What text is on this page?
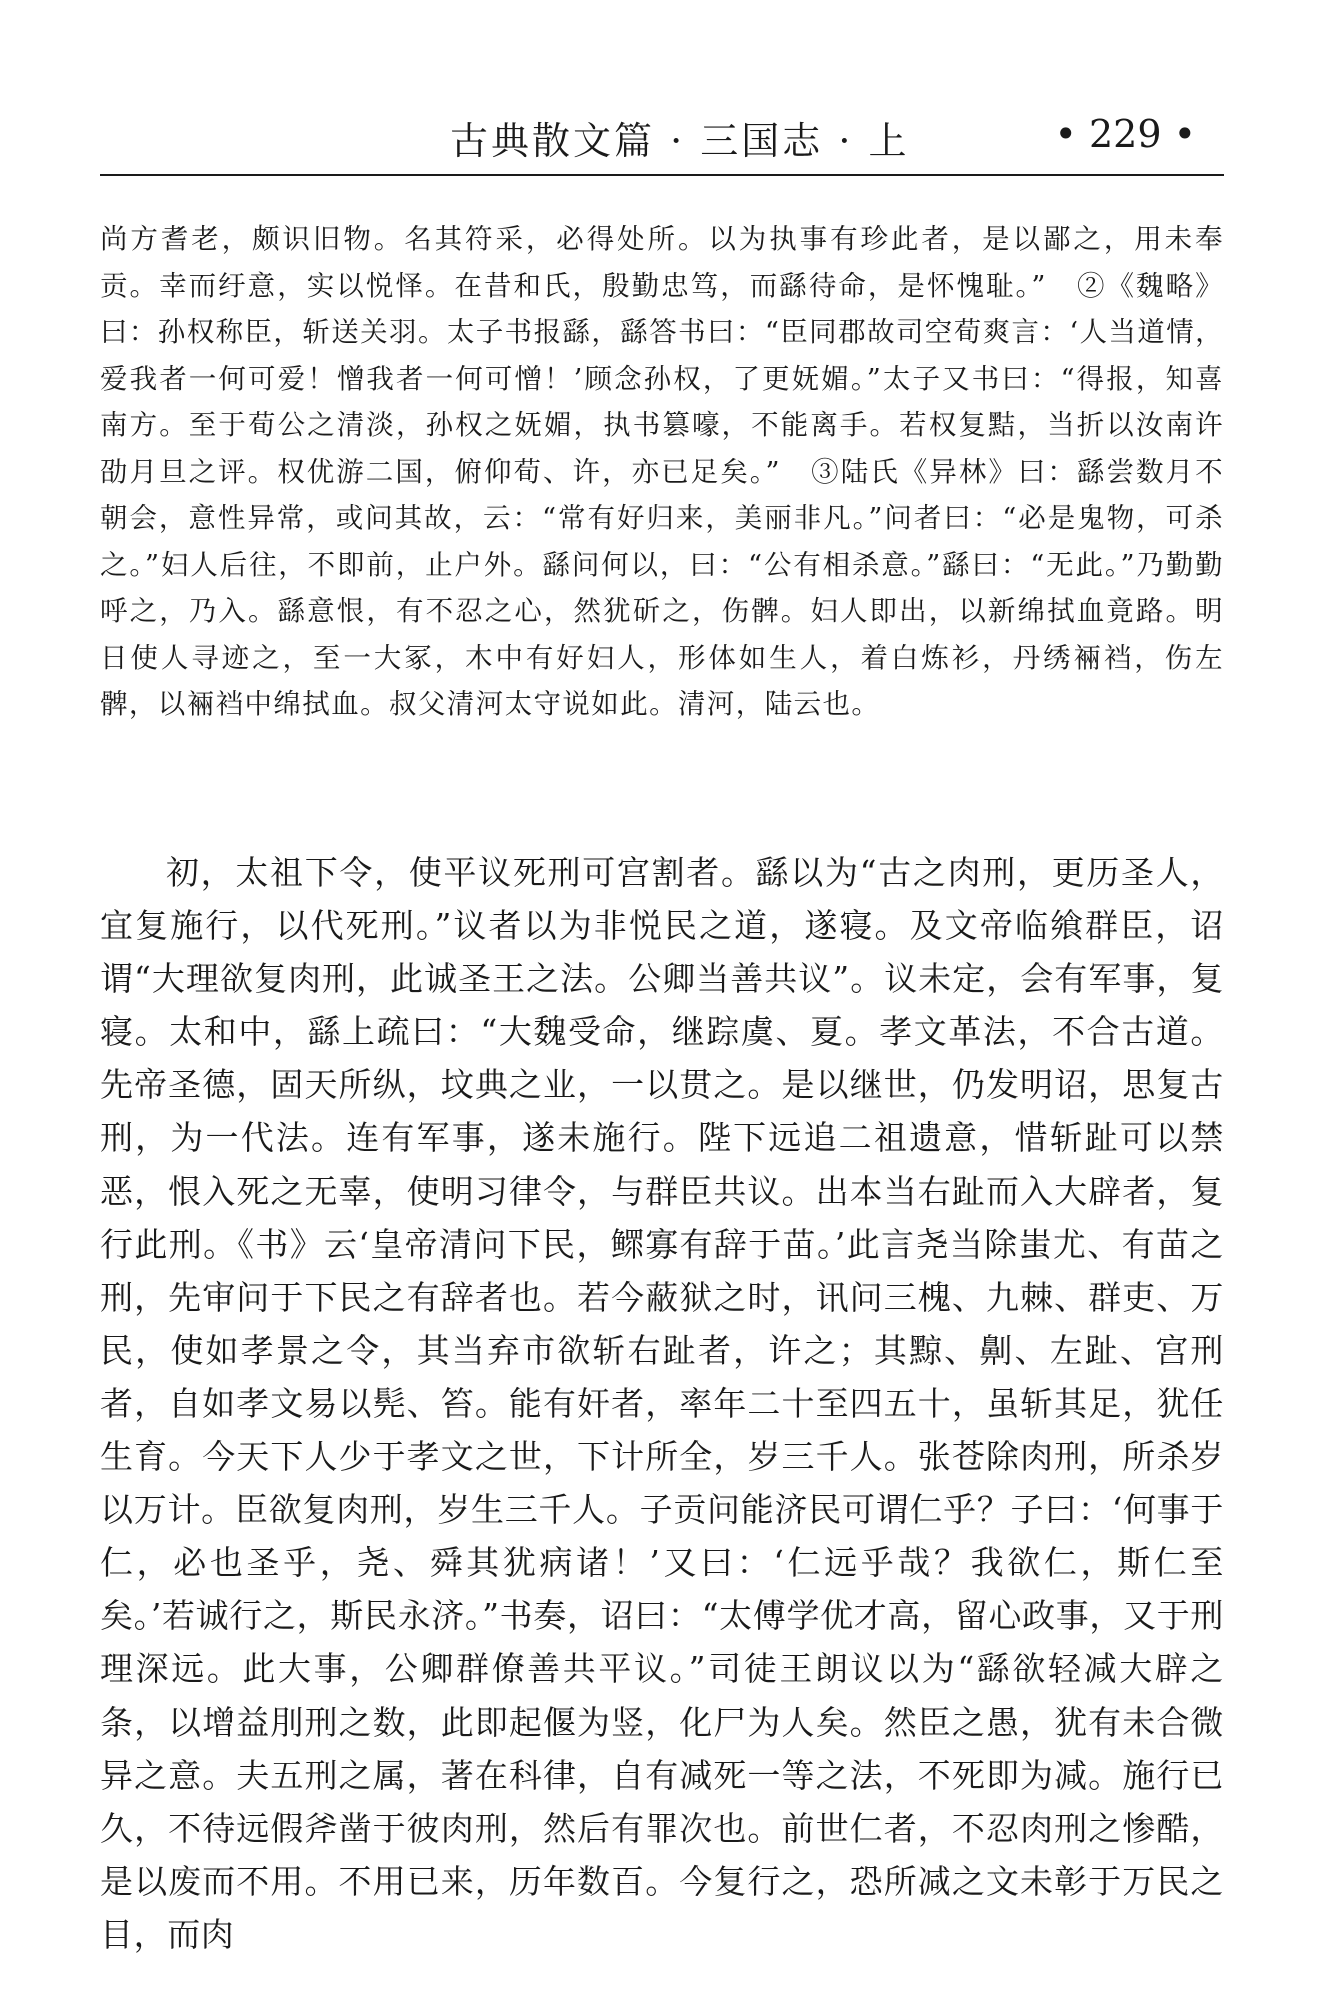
古典散文篇 · 三国志 · 上	• 229 •

尚方耆老，颇识旧物。名其符采，必得处所。以为执事有珍此者，是以鄙之，用未奉贡。幸而纡意，实以悦怿。在昔和氏，殷勤忠笃，而繇待命，是怀愧耻。”　②《魏略》曰：孙权称臣，斩送关羽。太子书报繇，繇答书曰：“臣同郡故司空荀爽言：‘人当道情，爱我者一何可爱！憎我者一何可憎！’顾念孙权，了更妩媚。”太子又书曰：“得报，知喜南方。至于荀公之清淡，孙权之妩媚，执书篡嚎，不能离手。若权复黠，当折以汝南许劭月旦之评。权优游二国，俯仰荀、许，亦已足矣。”　③陆氏《异林》曰：繇尝数月不朝会，意性异常，或问其故，云：“常有好归来，美丽非凡。”问者曰：“必是鬼物，可杀之。”妇人后往，不即前，止户外。繇问何以，曰：“公有相杀意。”繇曰：“无此。”乃勤勤呼之，乃入。繇意恨，有不忍之心，然犹斫之，伤髀。妇人即出，以新绵拭血竟路。明日使人寻迹之，至一大冢，木中有好妇人，形体如生人，着白炼衫，丹绣裲裆，伤左髀，以裲裆中绵拭血。叔父清河太守说如此。清河，陆云也。

初，太祖下令，使平议死刑可宫割者。繇以为“古之肉刑，更历圣人，宜复施行，以代死刑。”议者以为非悦民之道，遂寝。及文帝临飨群臣，诏谓“大理欲复肉刑，此诚圣王之法。公卿当善共议”。议未定，会有军事，复寝。太和中，繇上疏曰：“大魏受命，继踪虞、夏。孝文革法，不合古道。先帝圣德，固天所纵，坟典之业，一以贯之。是以继世，仍发明诏，思复古刑，为一代法。连有军事，遂未施行。陛下远追二祖遗意，惜斩趾可以禁恶，恨入死之无辜，使明习律令，与群臣共议。出本当右趾而入大辟者，复行此刑。《书》云‘皇帝清问下民，鳏寡有辞于苗。’此言尧当除蚩尤、有苗之刑，先审问于下民之有辞者也。若今蔽狱之时，讯问三槐、九棘、群吏、万民，使如孝景之令，其当弃市欲斩右趾者，许之；其黥、劓、左趾、宫刑者，自如孝文易以髡、笞。能有奸者，率年二十至四五十，虽斩其足，犹任生育。今天下人少于孝文之世，下计所全，岁三千人。张苍除肉刑，所杀岁以万计。臣欲复肉刑，岁生三千人。子贡问能济民可谓仁乎？子曰：‘何事于仁，必也圣乎，尧、舜其犹病诸！’又曰：‘仁远乎哉？我欲仁，斯仁至矣。’若诚行之，斯民永济。”书奏，诏曰：“太傅学优才高，留心政事，又于刑理深远。此大事，公卿群僚善共平议。”司徒王朗议以为“繇欲轻减大辟之条，以增益刖刑之数，此即起偃为竖，化尸为人矣。然臣之愚，犹有未合微异之意。夫五刑之属，著在科律，自有减死一等之法，不死即为减。施行已久，不待远假斧凿于彼肉刑，然后有罪次也。前世仁者，不忍肉刑之惨酷，是以废而不用。不用已来，历年数百。今复行之，恐所减之文未彰于万民之目，而肉
